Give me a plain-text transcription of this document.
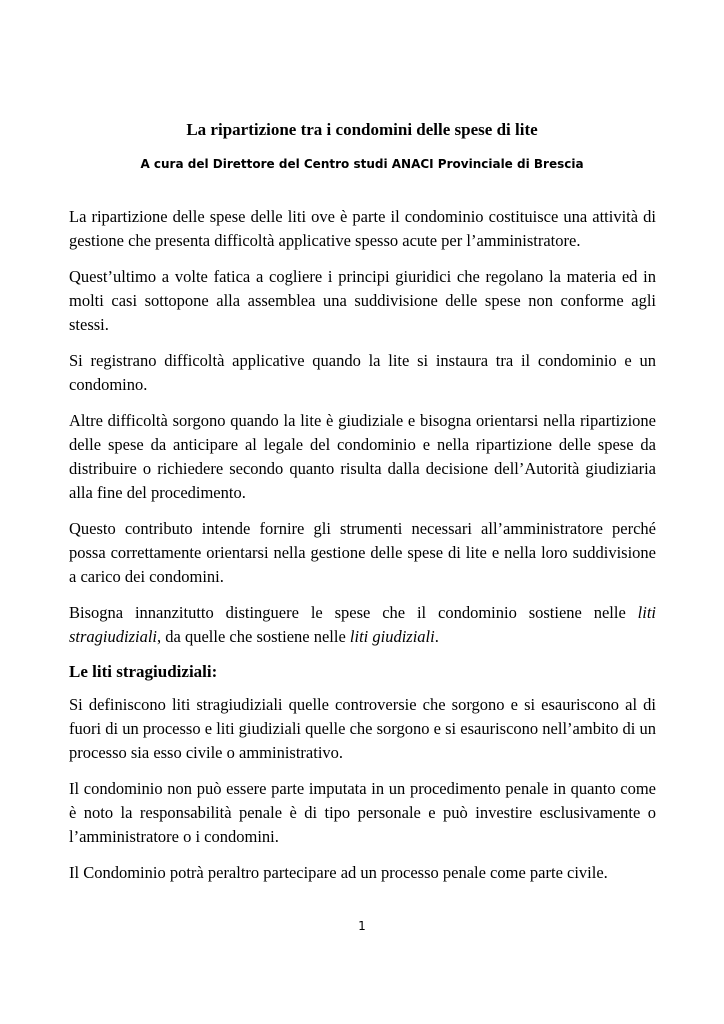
La ripartizione tra i condomini delle spese di lite
A cura del Direttore del Centro studi ANACI Provinciale di Brescia

La ripartizione delle spese delle liti ove è parte il condominio costituisce una attività di gestione che presenta difficoltà applicative spesso acute per l’amministratore.

Quest’ultimo a volte fatica a cogliere i principi giuridici che regolano la materia ed in molti casi sottopone alla assemblea una suddivisione delle spese non conforme agli stessi.

Si registrano difficoltà applicative quando la lite si instaura tra il condominio e un condomino.

Altre difficoltà sorgono quando la lite è giudiziale e bisogna orientarsi nella ripartizione delle spese da anticipare al legale del condominio e nella ripartizione delle spese da distribuire o richiedere secondo quanto risulta dalla decisione dell’Autorità giudiziaria alla fine del procedimento.

Questo contributo intende fornire gli strumenti necessari all’amministratore perché possa correttamente orientarsi nella gestione delle spese di lite e nella loro suddivisione a carico dei condomini.

Bisogna innanzitutto distinguere le spese che il condominio sostiene nelle liti stragiudiziali, da quelle che sostiene nelle liti giudiziali.

Le liti stragiudiziali:

Si definiscono liti stragiudiziali quelle controversie che sorgono e si esauriscono al di fuori di un processo e liti giudiziali quelle che sorgono e si esauriscono nell’ambito di un processo sia esso civile o amministrativo.

Il condominio non può essere parte imputata in un procedimento penale in quanto come è noto la responsabilità penale è di tipo personale e può investire esclusivamente o l’amministratore o i condomini.

Il Condominio potrà peraltro partecipare ad un processo penale come parte civile.

1
